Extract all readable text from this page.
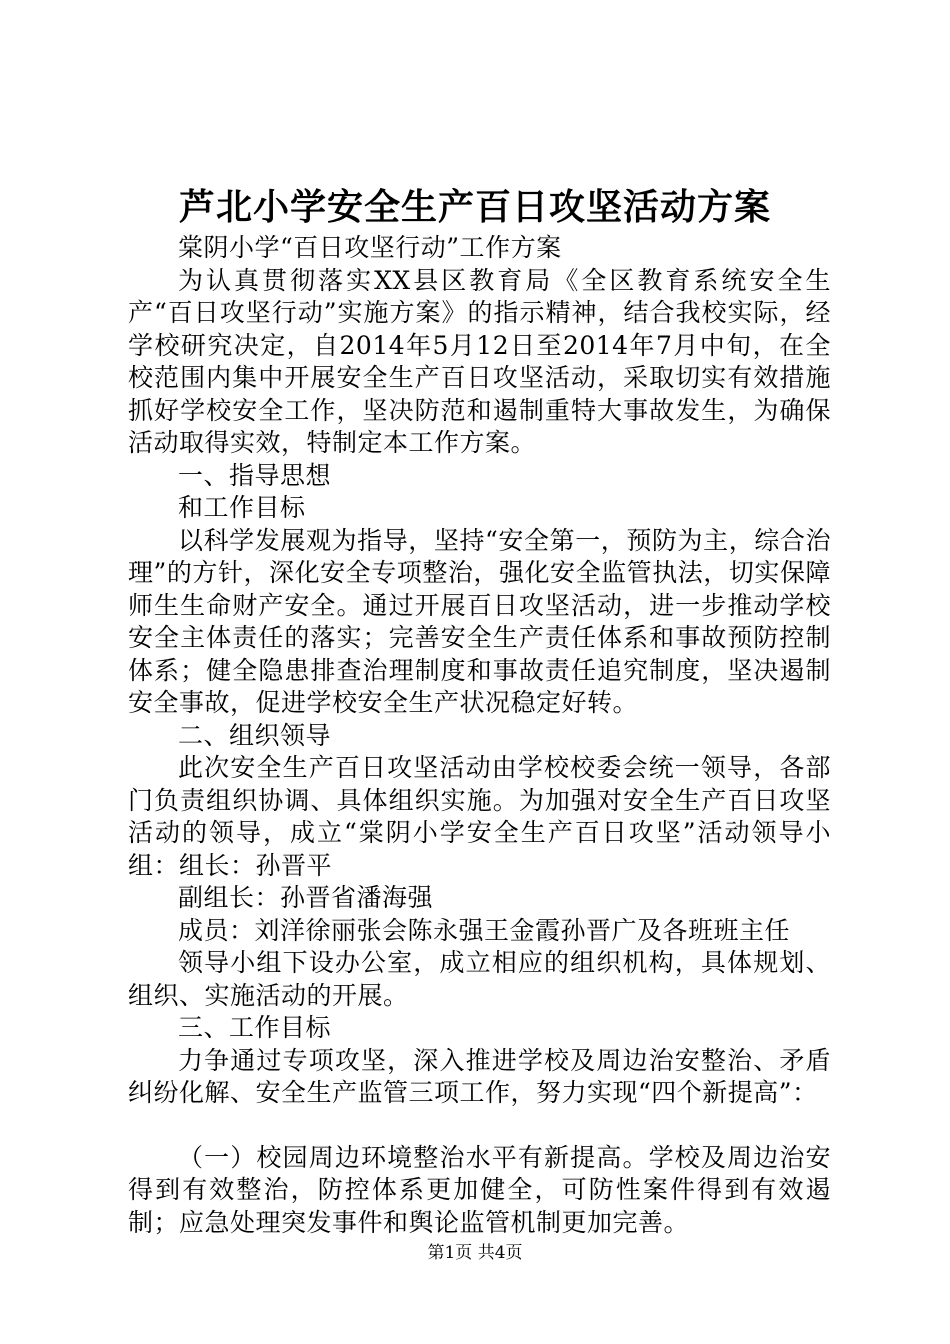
芦北小学安全生产百日攻坚活动方案

棠阴小学“百日攻坚行动”工作方案

为认真贯彻落实XX县区教育局《全区教育系统安全生产“百日攻坚行动”实施方案》的指示精神，结合我校实际，经学校研究决定，自2014年5月12日至2014年7月中旬，在全校范围内集中开展安全生产百日攻坚活动，采取切实有效措施抓好学校安全工作，坚决防范和遏制重特大事故发生，为确保活动取得实效，特制定本工作方案。

一、指导思想

和工作目标

以科学发展观为指导，坚持“安全第一，预防为主，综合治理”的方针，深化安全专项整治，强化安全监管执法，切实保障师生生命财产安全。通过开展百日攻坚活动，进一步推动学校安全主体责任的落实；完善安全生产责任体系和事故预防控制体系；健全隐患排查治理制度和事故责任追究制度，坚决遏制安全事故，促进学校安全生产状况稳定好转。

二、组织领导

此次安全生产百日攻坚活动由学校校委会统一领导，各部门负责组织协调、具体组织实施。为加强对安全生产百日攻坚活动的领导，成立“棠阴小学安全生产百日攻坚”活动领导小组：组长：孙晋平

副组长：孙晋省潘海强

成员：刘洋徐丽张会陈永强王金霞孙晋广及各班班主任

领导小组下设办公室，成立相应的组织机构，具体规划、组织、实施活动的开展。

三、工作目标

力争通过专项攻坚，深入推进学校及周边治安整治、矛盾纠纷化解、安全生产监管三项工作，努力实现“四个新提高”：

（一）校园周边环境整治水平有新提高。学校及周边治安得到有效整治，防控体系更加健全，可防性案件得到有效遏制；应急处理突发事件和舆论监管机制更加完善。

第1页 共4页
